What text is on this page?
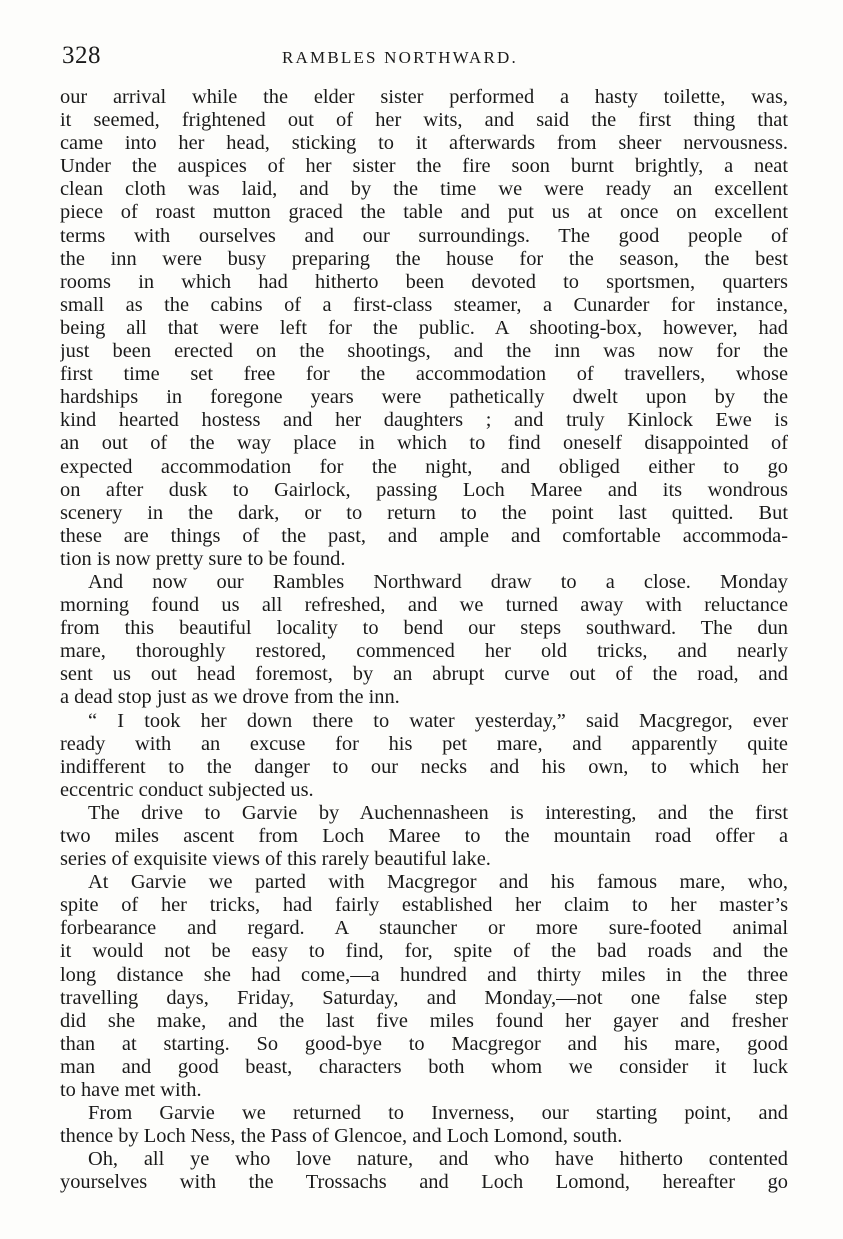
328	RAMBLES NORTHWARD.
our arrival while the elder sister performed a hasty toilette, was,
it seemed, frightened out of her wits, and said the first thing that
came into her head, sticking to it afterwards from sheer nervousness.
Under the auspices of her sister the fire soon burnt brightly, a neat
clean cloth was laid, and by the time we were ready an excellent
piece of roast mutton graced the table and put us at once on excellent
terms with ourselves and our surroundings. The good people of
the inn were busy preparing the house for the season, the best
rooms in which had hitherto been devoted to sportsmen, quarters
small as the cabins of a first-class steamer, a Cunarder for instance,
being all that were left for the public. A shooting-box, however, had
just been erected on the shootings, and the inn was now for the
first time set free for the accommodation of travellers, whose
hardships in foregone years were pathetically dwelt upon by the
kind hearted hostess and her daughters ; and truly Kinlock Ewe is
an out of the way place in which to find oneself disappointed of
expected accommodation for the night, and obliged either to go
on after dusk to Gairlock, passing Loch Maree and its wondrous
scenery in the dark, or to return to the point last quitted. But
these are things of the past, and ample and comfortable accommoda-
tion is now pretty sure to be found.
And now our Rambles Northward draw to a close. Monday
morning found us all refreshed, and we turned away with reluctance
from this beautiful locality to bend our steps southward. The dun
mare, thoroughly restored, commenced her old tricks, and nearly
sent us out head foremost, by an abrupt curve out of the road, and
a dead stop just as we drove from the inn.
“ I took her down there to water yesterday,” said Macgregor, ever
ready with an excuse for his pet mare, and apparently quite
indifferent to the danger to our necks and his own, to which her
eccentric conduct subjected us.
The drive to Garvie by Auchennasheen is interesting, and the first
two miles ascent from Loch Maree to the mountain road offer a
series of exquisite views of this rarely beautiful lake.
At Garvie we parted with Macgregor and his famous mare, who,
spite of her tricks, had fairly established her claim to her master’s
forbearance and regard. A stauncher or more sure-footed animal
it would not be easy to find, for, spite of the bad roads and the
long distance she had come,—a hundred and thirty miles in the three
travelling days, Friday, Saturday, and Monday,—not one false step
did she make, and the last five miles found her gayer and fresher
than at starting. So good-bye to Macgregor and his mare, good
man and good beast, characters both whom we consider it luck
to have met with.
From Garvie we returned to Inverness, our starting point, and
thence by Loch Ness, the Pass of Glencoe, and Loch Lomond, south.
Oh, all ye who love nature, and who have hitherto contented
yourselves with the Trossachs and Loch Lomond, hereafter go
